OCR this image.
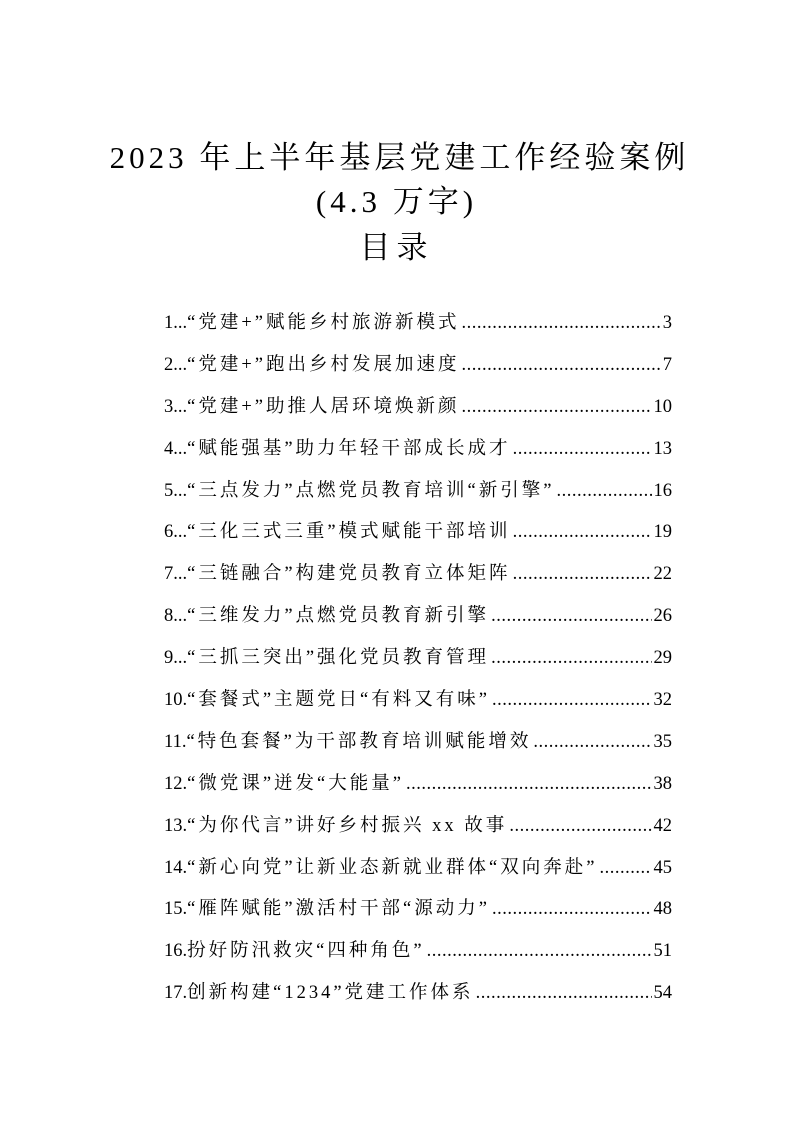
2023 年上半年基层党建工作经验案例
(4.3 万字)
目录
1... “党建+”赋能乡村旅游新模式 .....	3
2... “党建+”跑出乡村发展加速度 .....	7
3... “党建+”助推人居环境焕新颜 .....	10
4... “赋能强基”助力年轻干部成长成才 .....	13
5... “三点发力”点燃党员教育培训“新引擎” .....	16
6... “三化三式三重”模式赋能干部培训 .....	19
7... “三链融合”构建党员教育立体矩阵 .....	22
8... “三维发力”点燃党员教育新引擎 .....	26
9... “三抓三突出”强化党员教育管理 .....	29
10. “套餐式”主题党日“有料又有味” .....	32
11. “特色套餐”为干部教育培训赋能增效 .....	35
12. “微党课”迸发“大能量” .....	38
13. “为你代言”讲好乡村振兴 xx 故事 .....	42
14. “新心向党”让新业态新就业群体“双向奔赴” .....	45
15. “雁阵赋能”激活村干部“源动力” .....	48
16. 扮好防汛救灾“四种角色” .....	51
17. 创新构建“1234”党建工作体系 .....	54
